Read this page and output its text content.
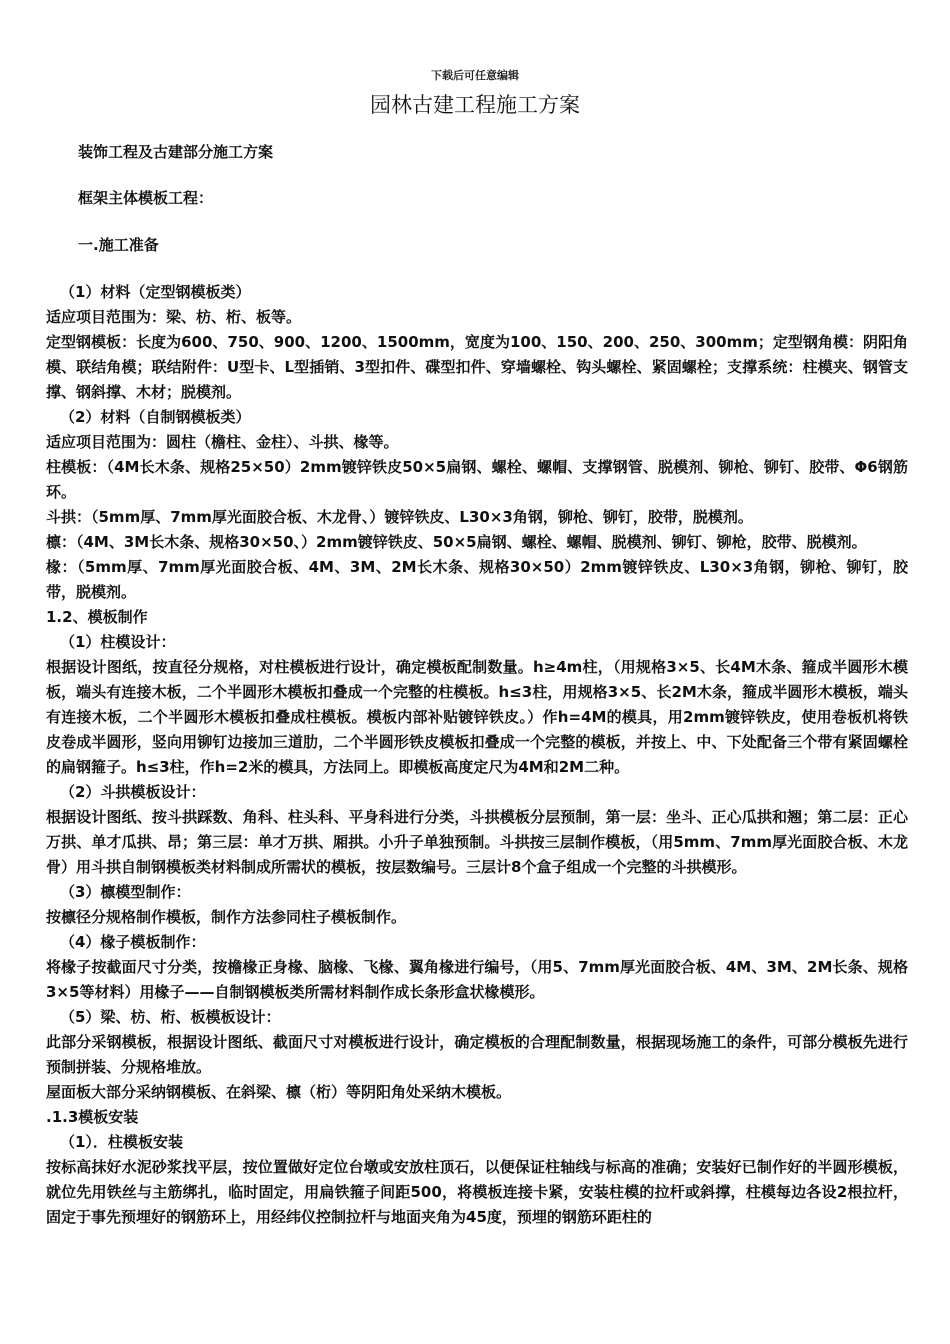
下载后可任意编辑
园林古建工程施工方案
装饰工程及古建部分施工方案
框架主体模板工程：
一.施工准备

（1）材料（定型钢模板类）

适应项目范围为：梁、枋、桁、板等。

定型钢模板：长度为600、750、900、1200、1500mm，宽度为100、150、200、250、300mm；定型钢角模：阴阳角模、联结角模；联结附件：U型卡、L型插销、3型扣件、碟型扣件、穿墙螺栓、钩头螺栓、紧固螺栓；支撑系统：柱模夹、钢管支撑、钢斜撑、木材；脱模剂。

（2）材料（自制钢模板类）

适应项目范围为：圆柱（檐柱、金柱）、斗拱、椽等。

柱模板：（4M长木条、规格25×50）2mm镀锌铁皮50×5扁钢、螺栓、螺帽、支撑钢管、脱模剂、铆枪、铆钉、胶带、Φ6钢筋环。

斗拱：（5mm厚、7mm厚光面胶合板、木龙骨、）镀锌铁皮、L30×3角钢，铆枪、铆钉，胶带，脱模剂。

檩：（4M、3M长木条、规格30×50、）2mm镀锌铁皮、50×5扁钢、螺栓、螺帽、脱模剂、铆钉、铆枪，胶带、脱模剂。

椽：（5mm厚、7mm厚光面胶合板、4M、3M、2M长木条、规格30×50）2mm镀锌铁皮、L30×3角钢，铆枪、铆钉，胶带，脱模剂。

1.2、模板制作

（1）柱模设计：

根据设计图纸，按直径分规格，对柱模板进行设计，确定模板配制数量。h≥4m柱，（用规格3×5、长4M木条、箍成半圆形木模板，端头有连接木板，二个半圆形木模板扣叠成一个完整的柱模板。h≤3柱，用规格3×5、长2M木条，箍成半圆形木模板，端头有连接木板，二个半圆形木模板扣叠成柱模板。模板内部补贴镀锌铁皮。）作h=4M的模具，用2mm镀锌铁皮，使用卷板机将铁皮卷成半圆形，竖向用铆钉边接加三道肋，二个半圆形铁皮模板扣叠成一个完整的模板，并按上、中、下处配备三个带有紧固螺栓的扁钢箍子。h≤3柱，作h=2米的模具，方法同上。即模板高度定尺为4M和2M二种。

（2）斗拱模板设计：

根据设计图纸、按斗拱踩数、角科、柱头科、平身科进行分类，斗拱模板分层预制，第一层：坐斗、正心瓜拱和翘；第二层：正心万拱、单才瓜拱、昂；第三层：单才万拱、厢拱。小升子单独预制。斗拱按三层制作模板，（用5mm、7mm厚光面胶合板、木龙骨）用斗拱自制钢模板类材料制成所需状的模板，按层数编号。三层计8个盒子组成一个完整的斗拱模形。

（3）檩模型制作：

按檩径分规格制作模板，制作方法参同柱子模板制作。

（4）椽子模板制作：

将椽子按截面尺寸分类，按檐椽正身椽、脑椽、飞椽、翼角椽进行编号，（用5、7mm厚光面胶合板、4M、3M、2M长条、规格3×5等材料）用椽子——自制钢模板类所需材料制作成长条形盒状椽模形。

（5）梁、枋、桁、板模板设计：

此部分采钢模板，根据设计图纸、截面尺寸对模板进行设计，确定模板的合理配制数量，根据现场施工的条件，可部分模板先进行预制拼装、分规格堆放。

屋面板大部分采纳钢模板、在斜梁、檩（桁）等阴阳角处采纳木模板。

.1.3模板安装

（1）．柱模板安装

按标高抹好水泥砂浆找平层，按位置做好定位台墩或安放柱顶石，以便保证柱轴线与标高的准确；安装好已制作好的半圆形模板，就位先用铁丝与主筋绑扎，临时固定，用扁铁箍子间距500，将模板连接卡紧，安装柱模的拉杆或斜撑，柱模每边各设2根拉杆，固定于事先预埋好的钢筋环上，用经纬仪控制拉杆与地面夹角为45度，预埋的钢筋环距柱的
